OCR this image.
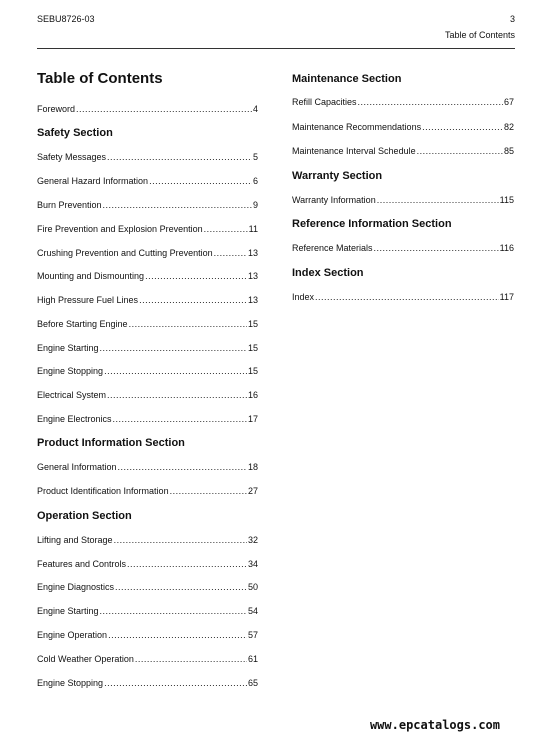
SEBU8726-03	3
Table of Contents
Table of Contents
Foreword .....	4
Safety Section
Safety Messages .....	5
General Hazard Information .....	6
Burn Prevention .....	9
Fire Prevention and Explosion Prevention .....	11
Crushing Prevention and Cutting Prevention .....	13
Mounting and Dismounting .....	13
High Pressure Fuel Lines .....	13
Before Starting Engine .....	15
Engine Starting .....	15
Engine Stopping .....	15
Electrical System .....	16
Engine Electronics .....	17
Product Information Section
General Information .....	18
Product Identification Information .....	27
Operation Section
Lifting and Storage .....	32
Features and Controls .....	34
Engine Diagnostics .....	50
Engine Starting .....	54
Engine Operation .....	57
Cold Weather Operation .....	61
Engine Stopping .....	65
Maintenance Section
Refill Capacities .....	67
Maintenance Recommendations .....	82
Maintenance Interval Schedule .....	85
Warranty Section
Warranty Information .....	115
Reference Information Section
Reference Materials .....	116
Index Section
Index .....	117
www.epcatalogs.com
